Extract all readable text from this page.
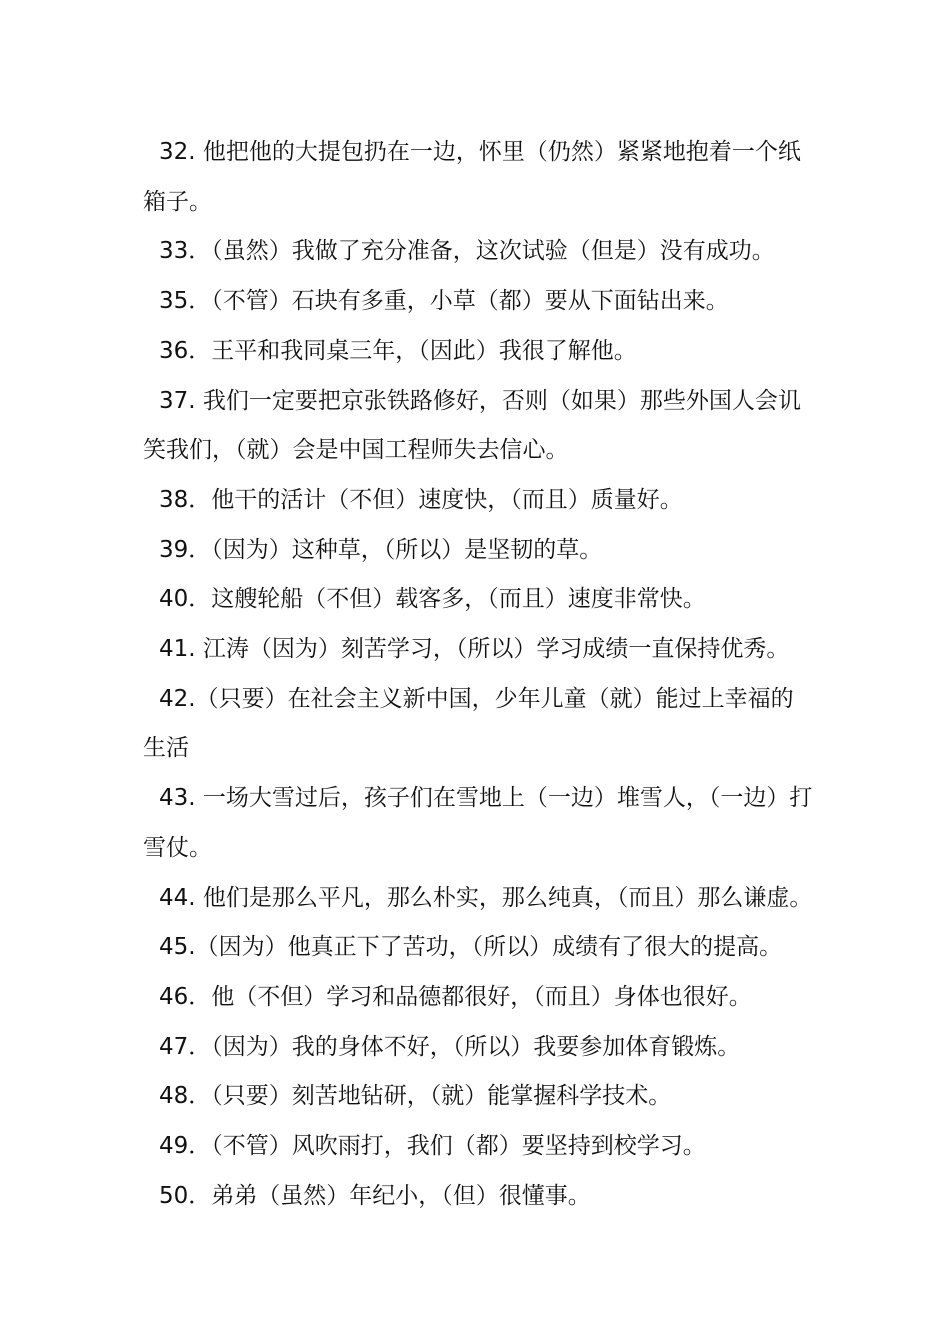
32. 他把他的大提包扔在一边，怀里（仍然）紧紧地抱着一个纸箱子。

33．（虽然）我做了充分准备，这次试验（但是）没有成功。

35．（不管）石块有多重，小草（都）要从下面钻出来。

36．王平和我同桌三年，（因此）我很了解他。

37. 我们一定要把京张铁路修好，否则（如果）那些外国人会讥笑我们，（就）会是中国工程师失去信心。

38．他干的活计（不但）速度快，（而且）质量好。

39．（因为）这种草，（所以）是坚韧的草。

40．这艘轮船（不但）载客多，（而且）速度非常快。

41. 江涛（因为）刻苦学习，（所以）学习成绩一直保持优秀。

42.（只要）在社会主义新中国，少年儿童（就）能过上幸福的生活

43. 一场大雪过后，孩子们在雪地上（一边）堆雪人，（一边）打雪仗。

44. 他们是那么平凡，那么朴实，那么纯真，（而且）那么谦虚。

45.（因为）他真正下了苦功，（所以）成绩有了很大的提高。

46．他（不但）学习和品德都很好，（而且）身体也很好。

47．（因为）我的身体不好，（所以）我要参加体育锻炼。

48．（只要）刻苦地钻研，（就）能掌握科学技术。

49．（不管）风吹雨打，我们（都）要坚持到校学习。

50．弟弟（虽然）年纪小，（但）很懂事。
